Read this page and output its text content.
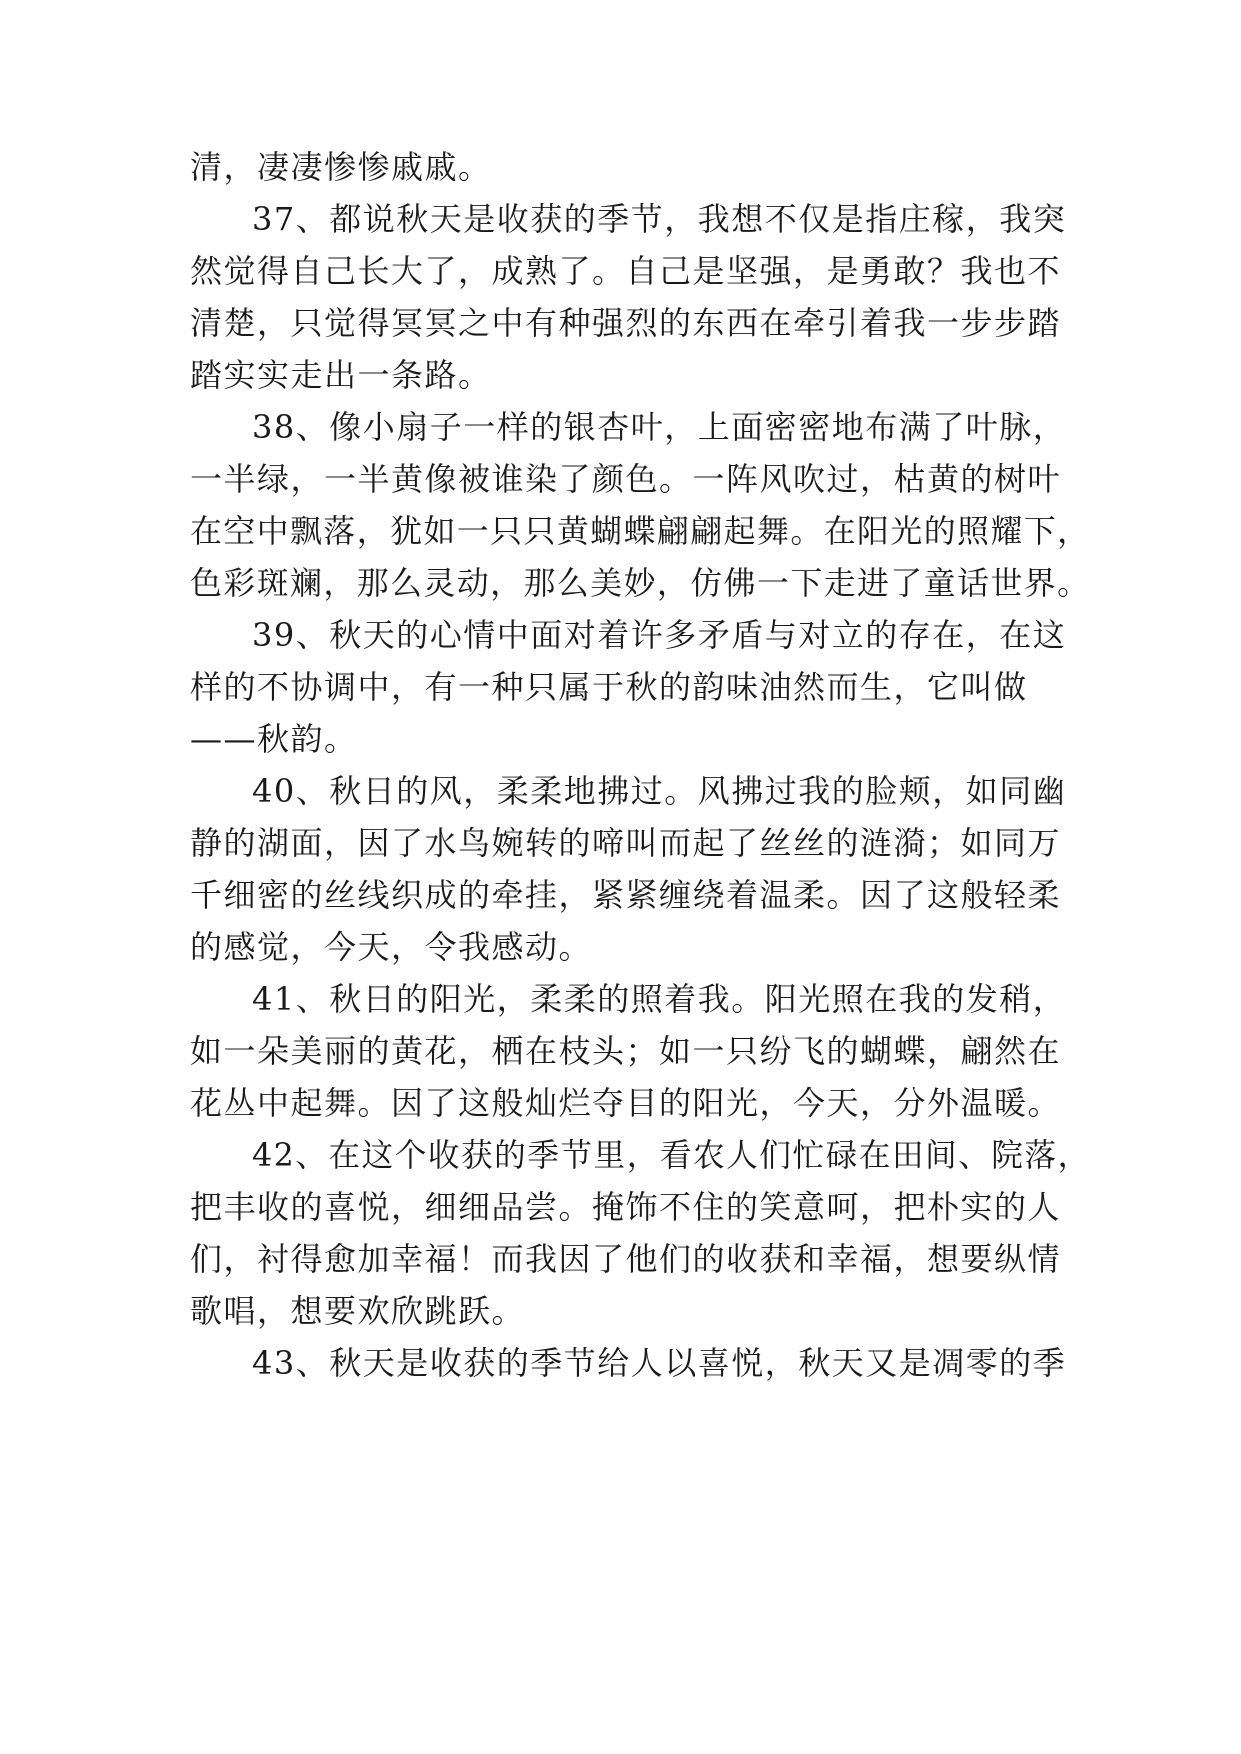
清，凄凄惨惨戚戚。
37、都说秋天是收获的季节，我想不仅是指庄稼，我突
然觉得自己长大了，成熟了。自己是坚强，是勇敢？我也不
清楚，只觉得冥冥之中有种强烈的东西在牵引着我一步步踏
踏实实走出一条路。
38、像小扇子一样的银杏叶，上面密密地布满了叶脉，
一半绿，一半黄像被谁染了颜色。一阵风吹过，枯黄的树叶
在空中飘落，犹如一只只黄蝴蝶翩翩起舞。在阳光的照耀下，
色彩斑斓，那么灵动，那么美妙，仿佛一下走进了童话世界。
39、秋天的心情中面对着许多矛盾与对立的存在，在这
样的不协调中，有一种只属于秋的韵味油然而生，它叫做
——秋韵。
40、秋日的风，柔柔地拂过。风拂过我的脸颊，如同幽
静的湖面，因了水鸟婉转的啼叫而起了丝丝的涟漪；如同万
千细密的丝线织成的牵挂，紧紧缠绕着温柔。因了这般轻柔
的感觉，今天，令我感动。
41、秋日的阳光，柔柔的照着我。阳光照在我的发稍，
如一朵美丽的黄花，栖在枝头；如一只纷飞的蝴蝶，翩然在
花丛中起舞。因了这般灿烂夺目的阳光，今天，分外温暖。
42、在这个收获的季节里，看农人们忙碌在田间、院落，
把丰收的喜悦，细细品尝。掩饰不住的笑意呵，把朴实的人
们，衬得愈加幸福！而我因了他们的收获和幸福，想要纵情
歌唱，想要欢欣跳跃。
43、秋天是收获的季节给人以喜悦，秋天又是凋零的季
